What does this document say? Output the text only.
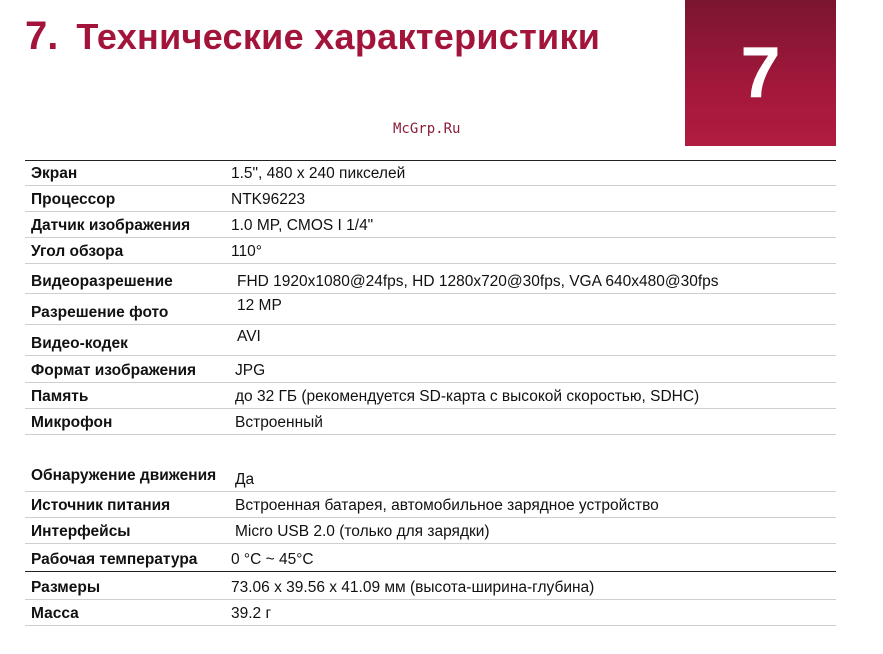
7. Технические характеристики 7
McGrp.Ru
Экран	1.5", 480 x 240 пикселей
Процессор	NTK96223
Датчик изображения	1.0 MP, CMOS I 1/4"
Угол обзора	110°
Видеоразрешение	FHD 1920x1080@24fps, HD 1280x720@30fps, VGA 640x480@30fps
Разрешение фото	12 MP
Видео-кодек	AVI
Формат изображения	JPG
Память	до 32 ГБ (рекомендуется SD-карта с высокой скоростью, SDHC)
Микрофон	Встроенный
Обнаружение движения	Да
Источник питания	Встроенная батарея, автомобильное зарядное устройство
Интерфейсы	Micro USB 2.0 (только для зарядки)
Рабочая температура	0 °C ~ 45°C
Размеры	73.06 x 39.56 x 41.09 мм (высота-ширина-глубина)
Масса	39.2 г
